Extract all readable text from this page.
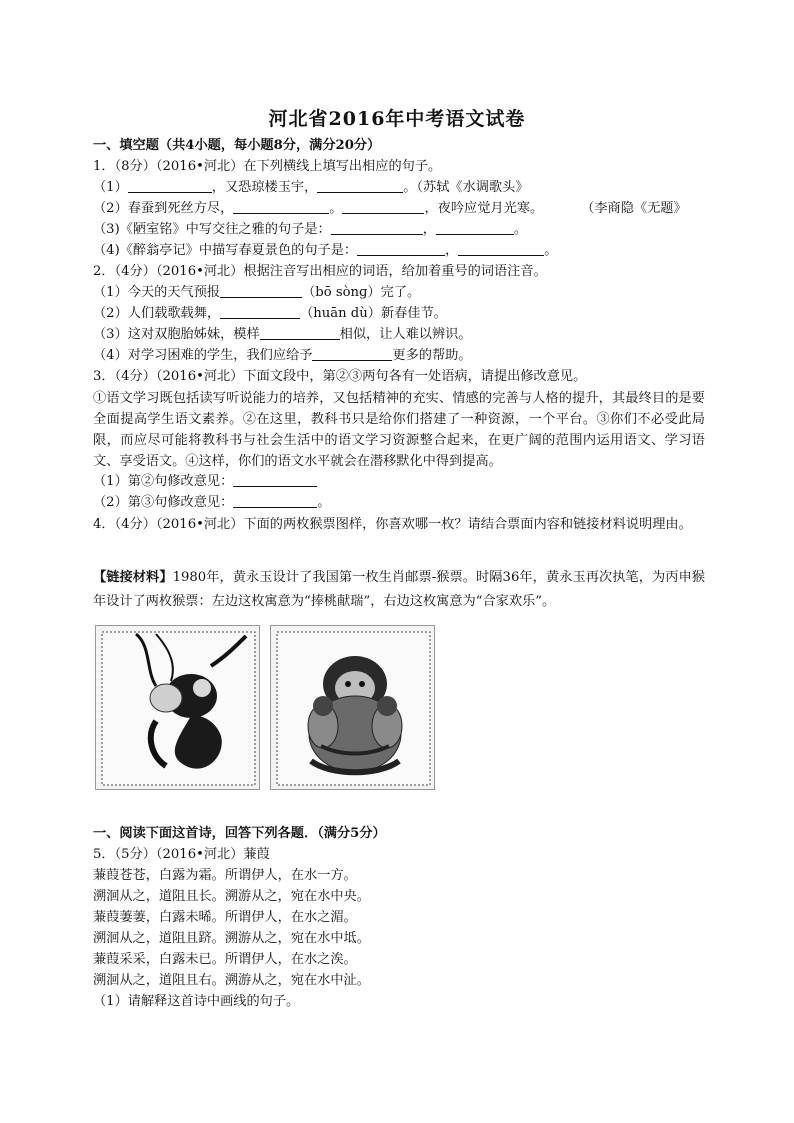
河北省2016年中考语文试卷
一、填空题（共4小题，每小题8分，满分20分）
1．（8分）（2016•河北）在下列横线上填写出相应的句子。
（1）	，又恐琼楼玉宇，	。（苏轼《水调歌头》
（2）春蚕到死丝方尽，	。	，夜吟应觉月光寒。	（李商隐《无题》
（3)《陋室铭》中写交往之雅的句子是：	，	。
（4)《醉翁亭记》中描写春夏景色的句子是：	，	。
2．（4分）（2016•河北）根据注音写出相应的词语，给加着重号的词语注音。
（1）今天的天气预报	（bō sònɡ）完了。
（2）人们载歌载舞，	（huān dù）新春佳节。
（3）这对双胞胎姊妹，模样	相似，让人难以辨识。
（4）对学习困难的学生，我们应给予	更多的帮助。
3．（4分）（2016•河北）下面文段中，第②③两句各有一处语病，请提出修改意见。
①语文学习既包括读写听说能力的培养，又包括精神的充实、情感的完善与人格的提升，其最终目的是要全面提高学生语文素养。②在这里，教科书只是给你们搭建了一种资源，一个平台。③你们不必受此局限，而应尽可能将教科书与社会生活中的语文学习资源整合起来，在更广阔的范围内运用语文、学习语文、享受语文。④这样，你们的语文水平就会在潜移默化中得到提高。
（1）第②句修改意见：
（2）第③句修改意见：	。
4．（4分）（2016•河北）下面的两枚猴票图样，你喜欢哪一枚？请结合票面内容和链接材料说明理由。
【链接材料】1980年，黄永玉设计了我国第一枚生肖邮票-猴票。时隔36年，黄永玉再次执笔，为丙申猴年设计了两枚猴票：左边这枚寓意为“捧桃献瑞”，右边这枚寓意为“合家欢乐”。
一、阅读下面这首诗，回答下列各题．（满分5分）
5．（5分）（2016•河北）蒹葭
蒹葭苍苍，白露为霜。所谓伊人，在水一方。
溯洄从之，道阻且长。溯游从之，宛在水中央。
蒹葭萋萋，白露未晞。所谓伊人，在水之湄。
溯洄从之，道阻且跻。溯游从之，宛在水中坻。
蒹葭采采，白露未已。所谓伊人，在水之涘。
溯洄从之，道阻且右。溯游从之，宛在水中沚。
（1）请解释这首诗中画线的句子。
